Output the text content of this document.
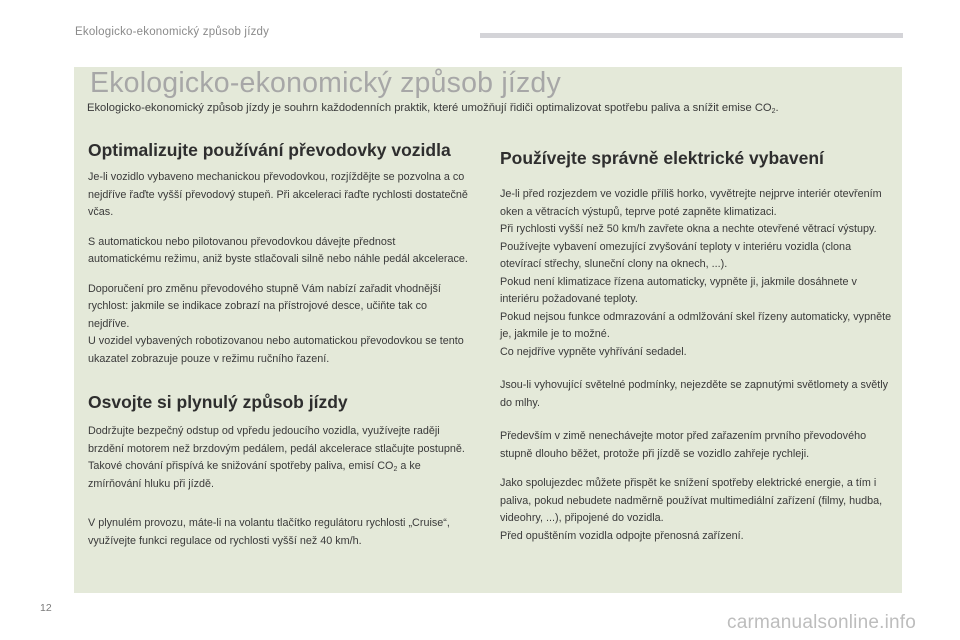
Ekologicko-ekonomický způsob jízdy
Ekologicko-ekonomický způsob jízdy
Ekologicko-ekonomický způsob jízdy je souhrn každodenních praktik, které umožňují řidiči optimalizovat spotřebu paliva a snížit emise $CO_2$.
Optimalizujte používání převodovky vozidla

Je-li vozidlo vybaveno mechanickou převodovkou, rozjíždějte se pozvolna a co nejdříve řaďte vyšší převodový stupeň. Při akceleraci řaďte rychlosti dostatečně včas.

S automatickou nebo pilotovanou převodovkou dávejte přednost automatickému režimu, aniž byste stlačovali silně nebo náhle pedál akcelerace.

Doporučení pro změnu převodového stupně Vám nabízí zařadit vhodnější rychlost: jakmile se indikace zobrazí na přístrojové desce, učiňte tak co nejdříve.

U vozidel vybavených robotizovanou nebo automatickou převodovkou se tento ukazatel zobrazuje pouze v režimu ručního řazení.

Osvojte si plynulý způsob jízdy

Dodržujte bezpečný odstup od vpředu jedoucího vozidla, využívejte raději brzdění motorem než brzdovým pedálem, pedál akcelerace stlačujte postupně. Takové chování přispívá ke snižování spotřeby paliva, emisí $CO_2$ a ke zmírňování hluku při jízdě.

V plynulém provozu, máte-li na volantu tlačítko regulátoru rychlosti „Cruise“, využívejte funkci regulace od rychlosti vyšší než 40 km/h.

Používejte správně elektrické vybavení

Je-li před rozjezdem ve vozidle příliš horko, vyvětrejte nejprve interiér otevřením oken a větracích výstupů, teprve poté zapněte klimatizaci.

Při rychlosti vyšší než 50 km/h zavřete okna a nechte otevřené větrací výstupy.

Používejte vybavení omezující zvyšování teploty v interiéru vozidla (clona otevírací střechy, sluneční clony na oknech, ...).

Pokud není klimatizace řízena automaticky, vypněte ji, jakmile dosáhnete v interiéru požadované teploty.

Pokud nejsou funkce odmrazování a odmlžování skel řízeny automaticky, vypněte je, jakmile je to možné.

Co nejdříve vypněte vyhřívání sedadel.

Jsou-li vyhovující světelné podmínky, nejezděte se zapnutými světlomety a světly do mlhy.

Především v zimě nenechávejte motor před zařazením prvního převodového stupně dlouho běžet, protože při jízdě se vozidlo zahřeje rychleji.

Jako spolujezdec můžete přispět ke snížení spotřeby elektrické energie, a tím i paliva, pokud nebudete nadměrně používat multimediální zařízení (filmy, hudba, videohry, ...), připojené do vozidla.

Před opuštěním vozidla odpojte přenosná zařízení.

12
carmanualsonline.info
